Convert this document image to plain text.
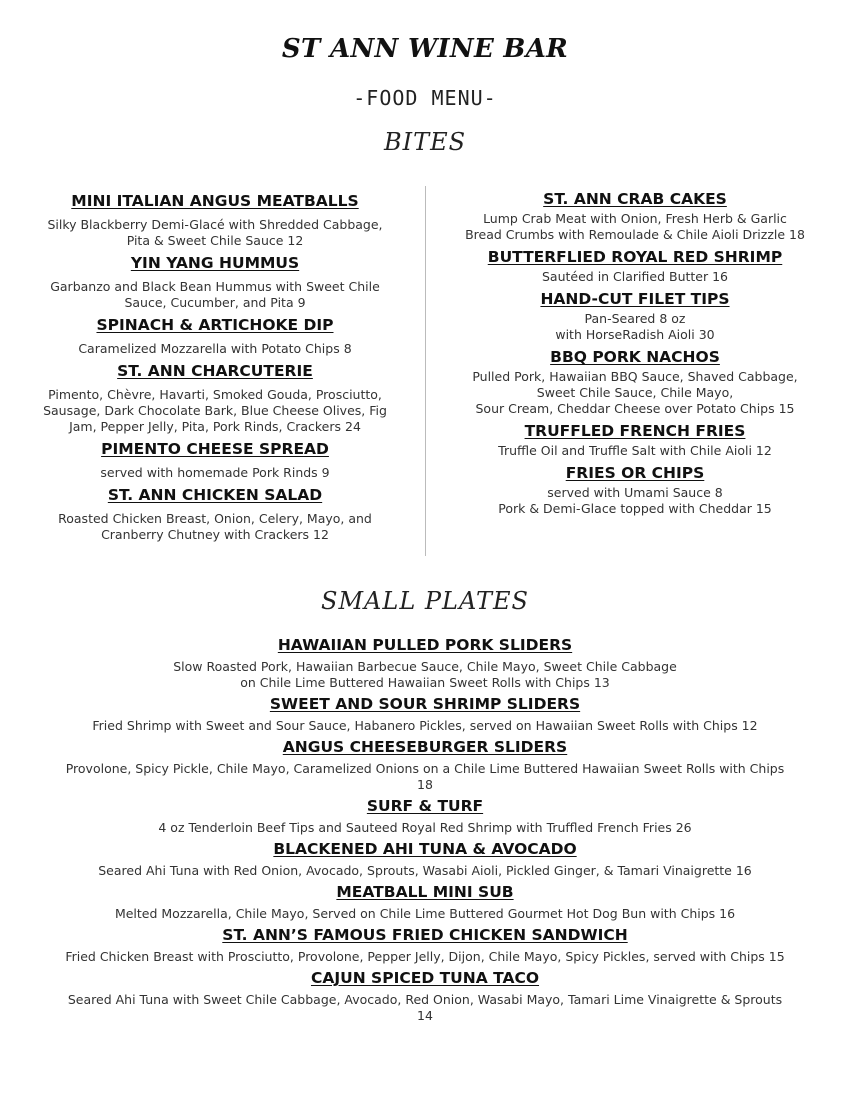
ST ANN WINE BAR
-FOOD MENU-
BITES

MINI ITALIAN ANGUS MEATBALLS

Silky Blackberry Demi-Glacé with Shredded Cabbage,
Pita & Sweet Chile Sauce 12

YIN YANG HUMMUS

Garbanzo and Black Bean Hummus with Sweet Chile
Sauce, Cucumber, and Pita 9

SPINACH & ARTICHOKE DIP

Caramelized Mozzarella with Potato Chips 8

ST. ANN CHARCUTERIE

Pimento, Chèvre, Havarti, Smoked Gouda, Prosciutto,
Sausage, Dark Chocolate Bark, Blue Cheese Olives, Fig
Jam, Pepper Jelly, Pita, Pork Rinds, Crackers 24

PIMENTO CHEESE SPREAD

served with homemade Pork Rinds 9

ST. ANN CHICKEN SALAD

Roasted Chicken Breast, Onion, Celery, Mayo, and
Cranberry Chutney with Crackers 12

ST. ANN CRAB CAKES

Lump Crab Meat with Onion, Fresh Herb & Garlic
Bread Crumbs with Remoulade & Chile Aioli Drizzle 18

BUTTERFLIED ROYAL RED SHRIMP

Sautéed in Clarified Butter 16

HAND-CUT FILET TIPS

Pan-Seared 8 oz
with HorseRadish Aioli 30

BBQ PORK NACHOS

Pulled Pork, Hawaiian BBQ Sauce, Shaved Cabbage,
Sweet Chile Sauce, Chile Mayo,
Sour Cream, Cheddar Cheese over Potato Chips 15

TRUFFLED FRENCH FRIES

Truffle Oil and Truffle Salt with Chile Aioli 12

FRIES OR CHIPS

served with Umami Sauce 8
Pork & Demi-Glace topped with Cheddar 15

SMALL PLATES

HAWAIIAN PULLED PORK SLIDERS

Slow Roasted Pork, Hawaiian Barbecue Sauce, Chile Mayo, Sweet Chile Cabbage
on Chile Lime Buttered Hawaiian Sweet Rolls with Chips 13

SWEET AND SOUR SHRIMP SLIDERS

Fried Shrimp with Sweet and Sour Sauce, Habanero Pickles, served on Hawaiian Sweet Rolls with Chips 12

ANGUS CHEESEBURGER SLIDERS

Provolone, Spicy Pickle, Chile Mayo, Caramelized Onions on a Chile Lime Buttered Hawaiian Sweet Rolls with Chips
18

SURF & TURF

4 oz Tenderloin Beef Tips and Sauteed Royal Red Shrimp with Truffled French Fries 26

BLACKENED AHI TUNA & AVOCADO

Seared Ahi Tuna with Red Onion, Avocado, Sprouts, Wasabi Aioli, Pickled Ginger, & Tamari Vinaigrette 16

MEATBALL MINI SUB

Melted Mozzarella, Chile Mayo, Served on Chile Lime Buttered Gourmet Hot Dog Bun with Chips 16

ST. ANN’S FAMOUS FRIED CHICKEN SANDWICH

Fried Chicken Breast with Prosciutto, Provolone, Pepper Jelly, Dijon, Chile Mayo, Spicy Pickles, served with Chips 15

CAJUN SPICED TUNA TACO

Seared Ahi Tuna with Sweet Chile Cabbage, Avocado, Red Onion, Wasabi Mayo, Tamari Lime Vinaigrette & Sprouts
14
